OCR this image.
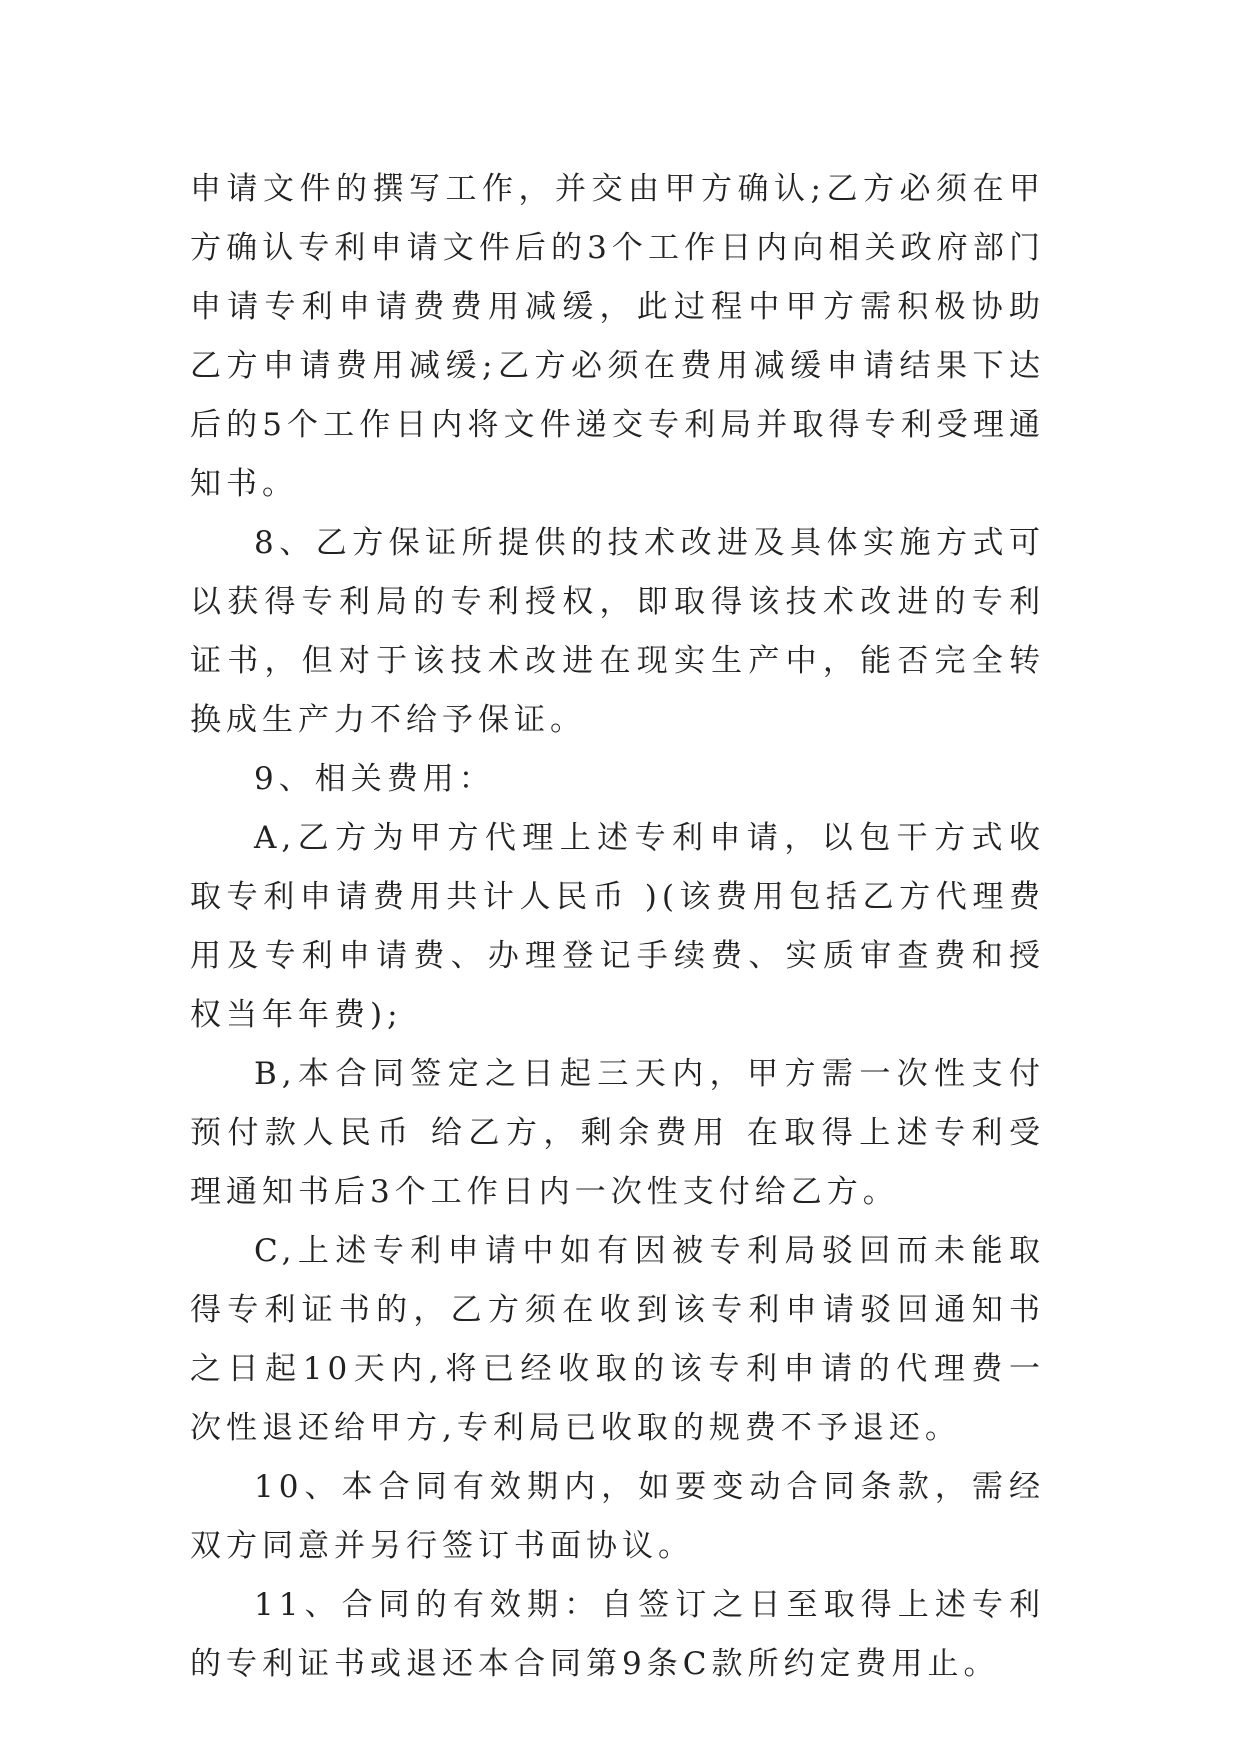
申请文件的撰写工作，并交由甲方确认;乙方必须在甲方确认专利申请文件后的3个工作日内向相关政府部门申请专利申请费费用减缓，此过程中甲方需积极协助乙方申请费用减缓;乙方必须在费用减缓申请结果下达后的5个工作日内将文件递交专利局并取得专利受理通知书。

8、乙方保证所提供的技术改进及具体实施方式可以获得专利局的专利授权，即取得该技术改进的专利证书，但对于该技术改进在现实生产中，能否完全转换成生产力不给予保证。

9、相关费用：

A,乙方为甲方代理上述专利申请，以包干方式收取专利申请费用共计人民币 )(该费用包括乙方代理费用及专利申请费、办理登记手续费、实质审查费和授权当年年费);

B,本合同签定之日起三天内，甲方需一次性支付预付款人民币 给乙方，剩余费用 在取得上述专利受理通知书后3个工作日内一次性支付给乙方。

C,上述专利申请中如有因被专利局驳回而未能取得专利证书的，乙方须在收到该专利申请驳回通知书之日起10天内,将已经收取的该专利申请的代理费一次性退还给甲方,专利局已收取的规费不予退还。

10、本合同有效期内，如要变动合同条款，需经双方同意并另行签订书面协议。

11、合同的有效期：自签订之日至取得上述专利的专利证书或退还本合同第9条C款所约定费用止。
